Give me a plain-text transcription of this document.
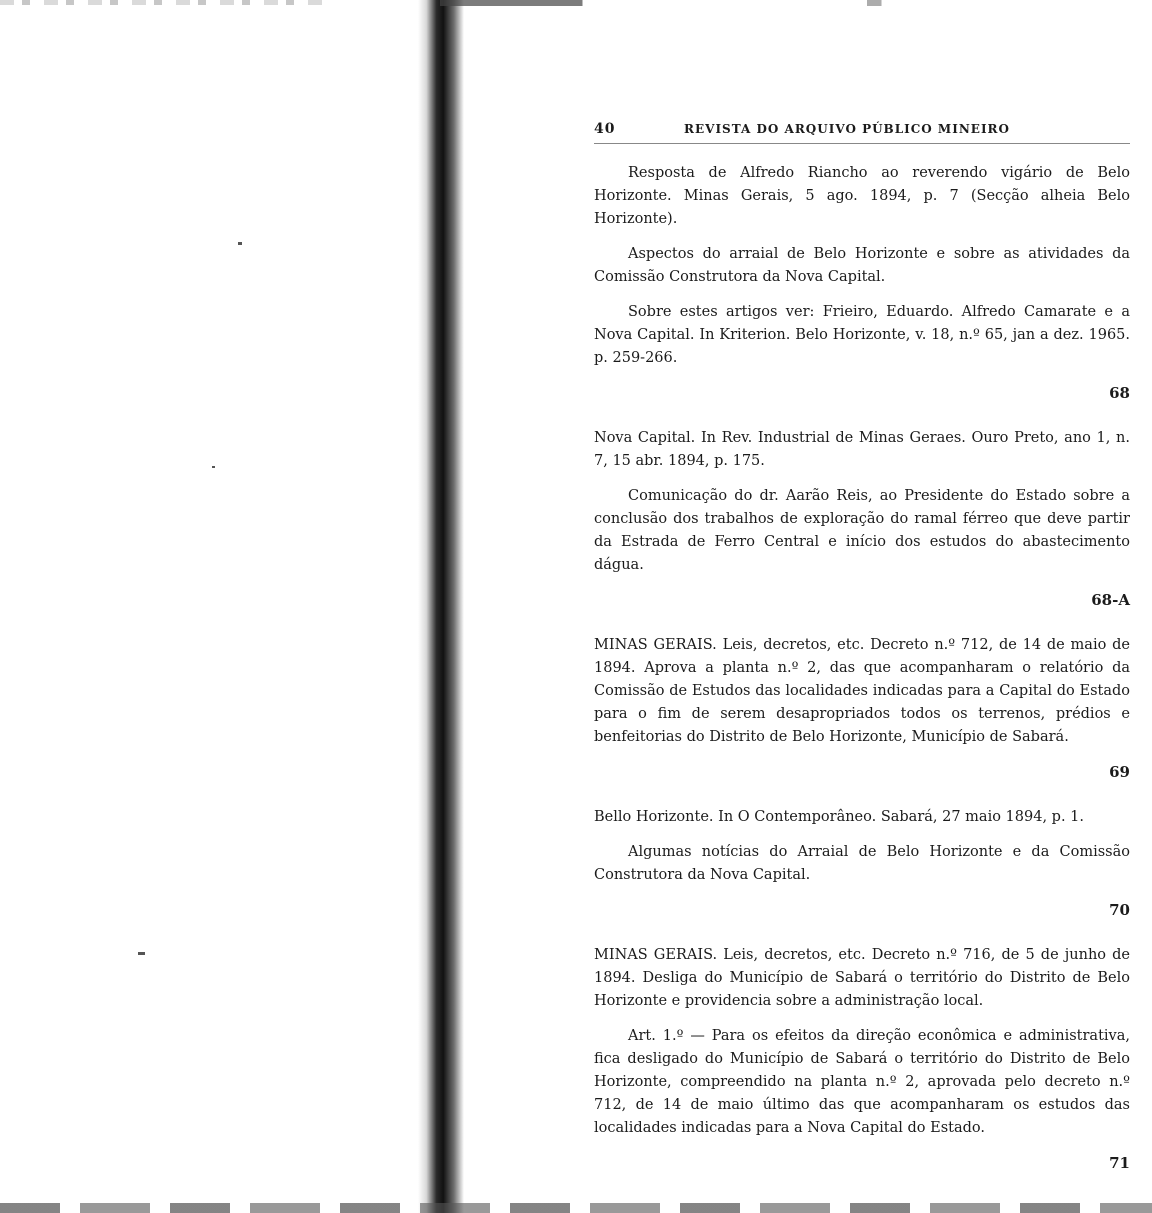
40	REVISTA DO ARQUIVO PÚBLICO MINEIRO

Resposta de Alfredo Riancho ao reverendo vigário de Belo Horizonte. Minas Gerais, 5 ago. 1894, p. 7 (Secção alheia Belo Horizonte).

Aspectos do arraial de Belo Horizonte e sobre as atividades da Comissão Construtora da Nova Capital.

Sobre estes artigos ver: Frieiro, Eduardo. Alfredo Camarate e a Nova Capital. In Kriterion. Belo Horizonte, v. 18, n.º 65, jan a dez. 1965. p. 259-266.

68

Nova Capital. In Rev. Industrial de Minas Geraes. Ouro Preto, ano 1, n. 7, 15 abr. 1894, p. 175.

Comunicação do dr. Aarão Reis, ao Presidente do Estado sobre a conclusão dos trabalhos de exploração do ramal férreo que deve partir da Estrada de Ferro Central e início dos estudos do abastecimento dágua.

68-A

MINAS GERAIS. Leis, decretos, etc. Decreto n.º 712, de 14 de maio de 1894. Aprova a planta n.º 2, das que acompanharam o relatório da Comissão de Estudos das localidades indicadas para a Capital do Estado para o fim de serem desapropriados todos os terrenos, prédios e benfeitorias do Distrito de Belo Horizonte, Município de Sabará.

69

Bello Horizonte. In O Contemporâneo. Sabará, 27 maio 1894, p. 1.

Algumas notícias do Arraial de Belo Horizonte e da Comissão Construtora da Nova Capital.

70

MINAS GERAIS. Leis, decretos, etc. Decreto n.º 716, de 5 de junho de 1894. Desliga do Município de Sabará o território do Distrito de Belo Horizonte e providencia sobre a administração local.

Art. 1.º — Para os efeitos da direção econômica e administrativa, fica desligado do Município de Sabará o território do Distrito de Belo Horizonte, compreendido na planta n.º 2, aprovada pelo decreto n.º 712, de 14 de maio último das que acompanharam os estudos das localidades indicadas para a Nova Capital do Estado.

71
